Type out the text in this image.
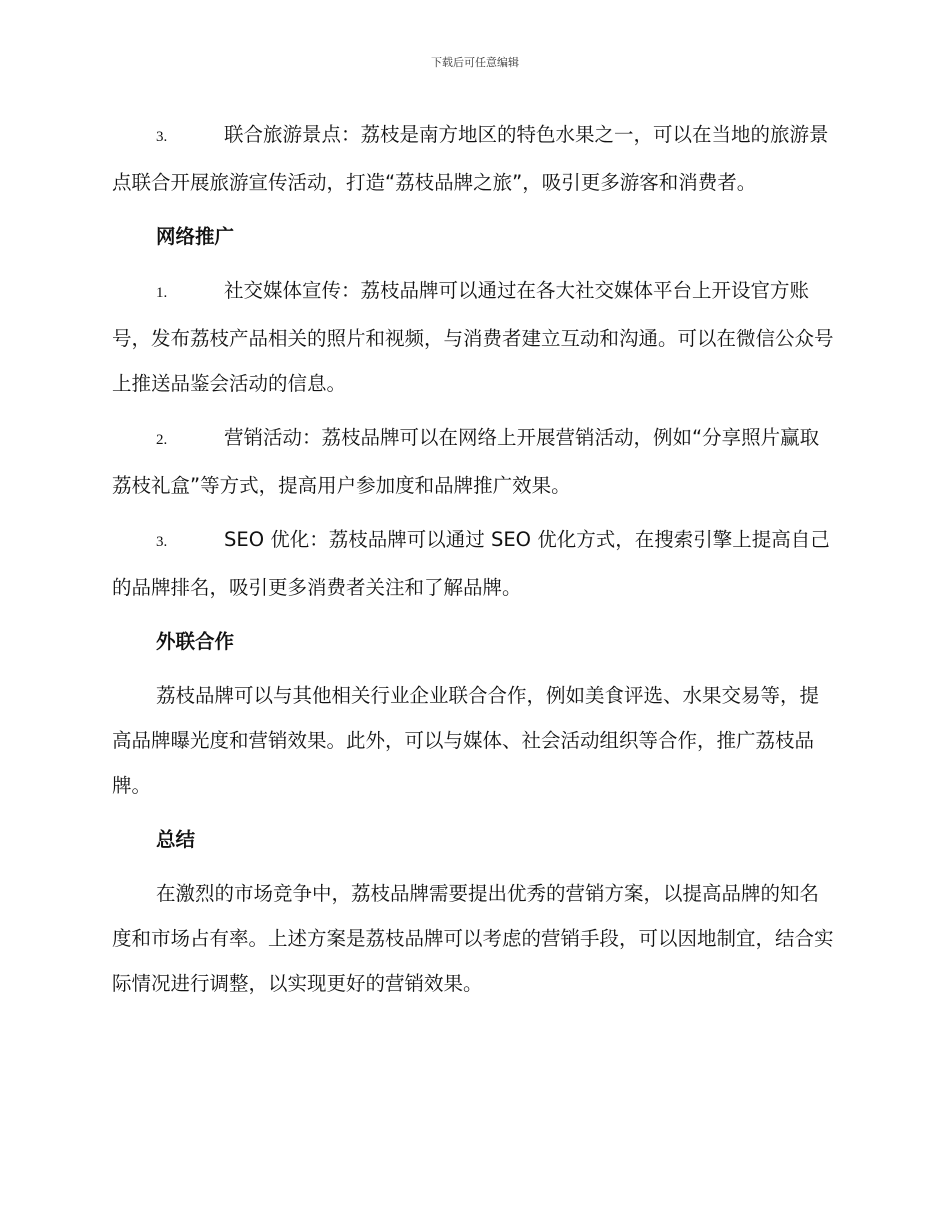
下载后可任意编辑

3.	联合旅游景点：荔枝是南方地区的特色水果之一，可以在当地的旅游景点联合开展旅游宣传活动，打造“荔枝品牌之旅”，吸引更多游客和消费者。

网络推广

1.	社交媒体宣传：荔枝品牌可以通过在各大社交媒体平台上开设官方账号，发布荔枝产品相关的照片和视频，与消费者建立互动和沟通。可以在微信公众号上推送品鉴会活动的信息。

2.	营销活动：荔枝品牌可以在网络上开展营销活动，例如“分享照片赢取荔枝礼盒”等方式，提高用户参加度和品牌推广效果。

3.	SEO 优化：荔枝品牌可以通过 SEO 优化方式，在搜索引擎上提高自己的品牌排名，吸引更多消费者关注和了解品牌。

外联合作

荔枝品牌可以与其他相关行业企业联合合作，例如美食评选、水果交易等，提高品牌曝光度和营销效果。此外，可以与媒体、社会活动组织等合作，推广荔枝品牌。

总结

在激烈的市场竞争中，荔枝品牌需要提出优秀的营销方案，以提高品牌的知名度和市场占有率。上述方案是荔枝品牌可以考虑的营销手段，可以因地制宜，结合实际情况进行调整，以实现更好的营销效果。
